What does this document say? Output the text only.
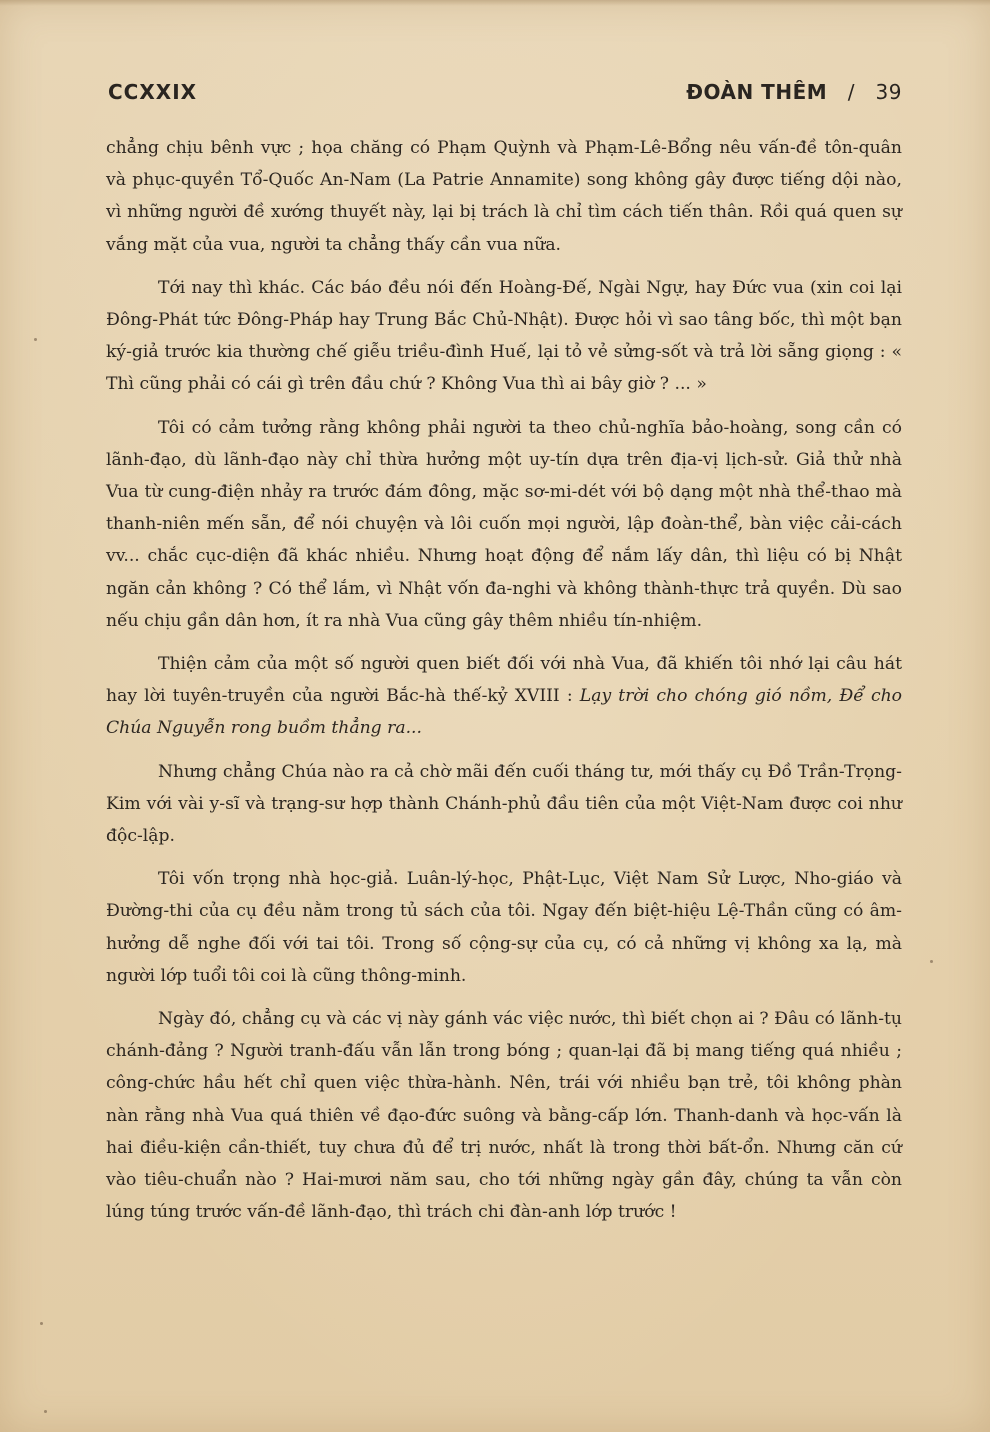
CCXXIX	ĐOÀN THÊM / 39

chẳng chịu bênh vực ; họa chăng có Phạm Quỳnh và Phạm-Lê-Bổng nêu vấn-đề tôn-quân và phục-quyền Tổ-Quốc An-Nam (La Patrie Annamite) song không gây được tiếng dội nào, vì những người đề xướng thuyết này, lại bị trách là chỉ tìm cách tiến thân. Rồi quá quen sự vắng mặt của vua, người ta chẳng thấy cần vua nữa.

Tới nay thì khác. Các báo đều nói đến Hoàng-Đế, Ngài Ngự, hay Đức vua (xin coi lại Đông-Phát tức Đông-Pháp hay Trung Bắc Chủ-Nhật). Được hỏi vì sao tâng bốc, thì một bạn ký-giả trước kia thường chế giễu triều-đình Huế, lại tỏ vẻ sửng-sốt và trả lời sẵng giọng : « Thì cũng phải có cái gì trên đầu chứ ? Không Vua thì ai bây giờ ? ... »

Tôi có cảm tưởng rằng không phải người ta theo chủ-nghĩa bảo-hoàng, song cần có lãnh-đạo, dù lãnh-đạo này chỉ thừa hưởng một uy-tín dựa trên địa-vị lịch-sử. Giả thử nhà Vua từ cung-điện nhảy ra trước đám đông, mặc sơ-mi-dét với bộ dạng một nhà thể-thao mà thanh-niên mến sẵn, để nói chuyện và lôi cuốn mọi người, lập đoàn-thể, bàn việc cải-cách vv... chắc cục-diện đã khác nhiều. Nhưng hoạt động để nắm lấy dân, thì liệu có bị Nhật ngăn cản không ? Có thể lắm, vì Nhật vốn đa-nghi và không thành-thực trả quyền. Dù sao nếu chịu gần dân hơn, ít ra nhà Vua cũng gây thêm nhiều tín-nhiệm.

Thiện cảm của một số người quen biết đối với nhà Vua, đã khiến tôi nhớ lại câu hát hay lời tuyên-truyền của người Bắc-hà thế-kỷ XVIII : Lạy trời cho chóng gió nồm, Để cho Chúa Nguyễn rong buồm thẳng ra...

Nhưng chẳng Chúa nào ra cả chờ mãi đến cuối tháng tư, mới thấy cụ Đồ Trần-Trọng-Kim với vài y-sĩ và trạng-sư hợp thành Chánh-phủ đầu tiên của một Việt-Nam được coi như độc-lập.

Tôi vốn trọng nhà học-giả. Luân-lý-học, Phật-Lục, Việt Nam Sử Lược, Nho-giáo và Đường-thi của cụ đều nằm trong tủ sách của tôi. Ngay đến biệt-hiệu Lệ-Thần cũng có âm-hưởng dễ nghe đối với tai tôi. Trong số cộng-sự của cụ, có cả những vị không xa lạ, mà người lớp tuổi tôi coi là cũng thông-minh.

Ngày đó, chẳng cụ và các vị này gánh vác việc nước, thì biết chọn ai ? Đâu có lãnh-tụ chánh-đảng ? Người tranh-đấu vẫn lẫn trong bóng ; quan-lại đã bị mang tiếng quá nhiều ; công-chức hầu hết chỉ quen việc thừa-hành. Nên, trái với nhiều bạn trẻ, tôi không phàn nàn rằng nhà Vua quá thiên về đạo-đức suông và bằng-cấp lớn. Thanh-danh và học-vấn là hai điều-kiện cần-thiết, tuy chưa đủ để trị nước, nhất là trong thời bất-ổn. Nhưng căn cứ vào tiêu-chuẩn nào ? Hai-mươi năm sau, cho tới những ngày gần đây, chúng ta vẫn còn lúng túng trước vấn-đề lãnh-đạo, thì trách chi đàn-anh lớp trước !
